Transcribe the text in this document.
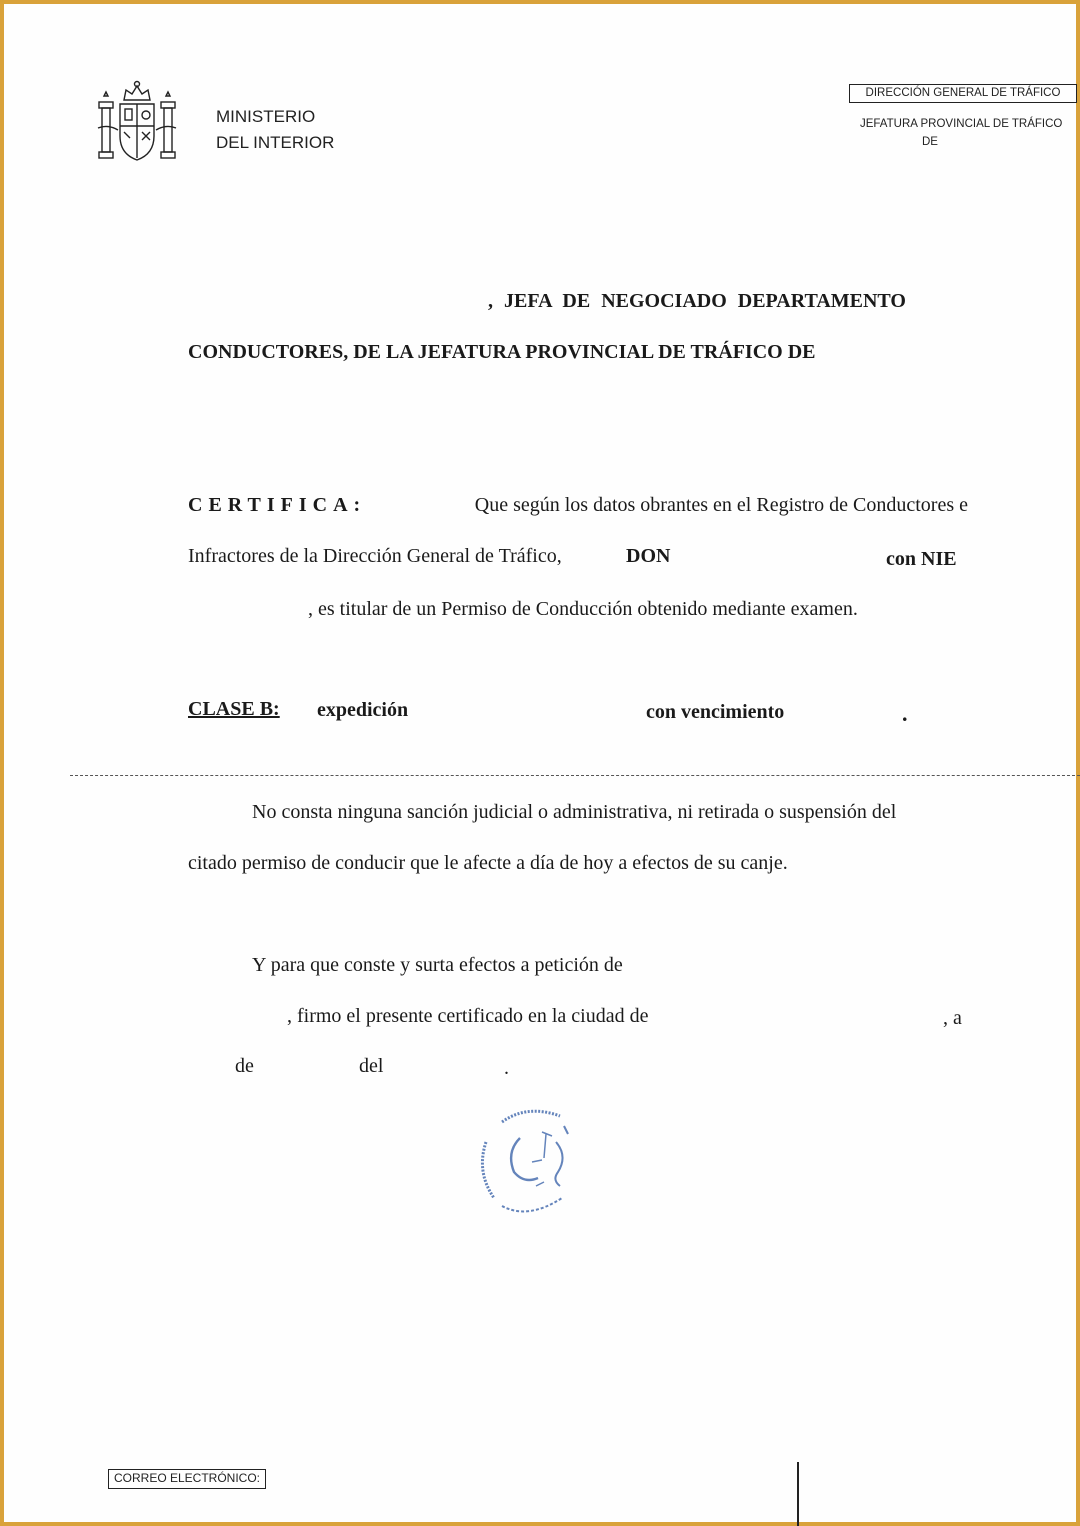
MINISTERIO
DEL INTERIOR
DIRECCIÓN GENERAL DE TRÁFICO
JEFATURA PROVINCIAL DE TRÁFICO
DE
, JEFA DE NEGOCIADO DEPARTAMENTO
CONDUCTORES, DE LA JEFATURA PROVINCIAL DE TRÁFICO DE
CERTIFICA:	Que según los datos obrantes en el Registro de Conductores e
Infractores de la Dirección General de Tráfico,	DON	con NIE
, es titular de un Permiso de Conducción obtenido mediante examen.
CLASE B: expedición	con vencimiento	.
No consta ninguna sanción judicial o administrativa, ni retirada o suspensión del
citado permiso de conducir que le afecte a día de hoy a efectos de su canje.
Y para que conste y surta efectos a petición de
, firmo el presente certificado en la ciudad de	, a
de	del	.
CORREO ELECTRÓNICO:
